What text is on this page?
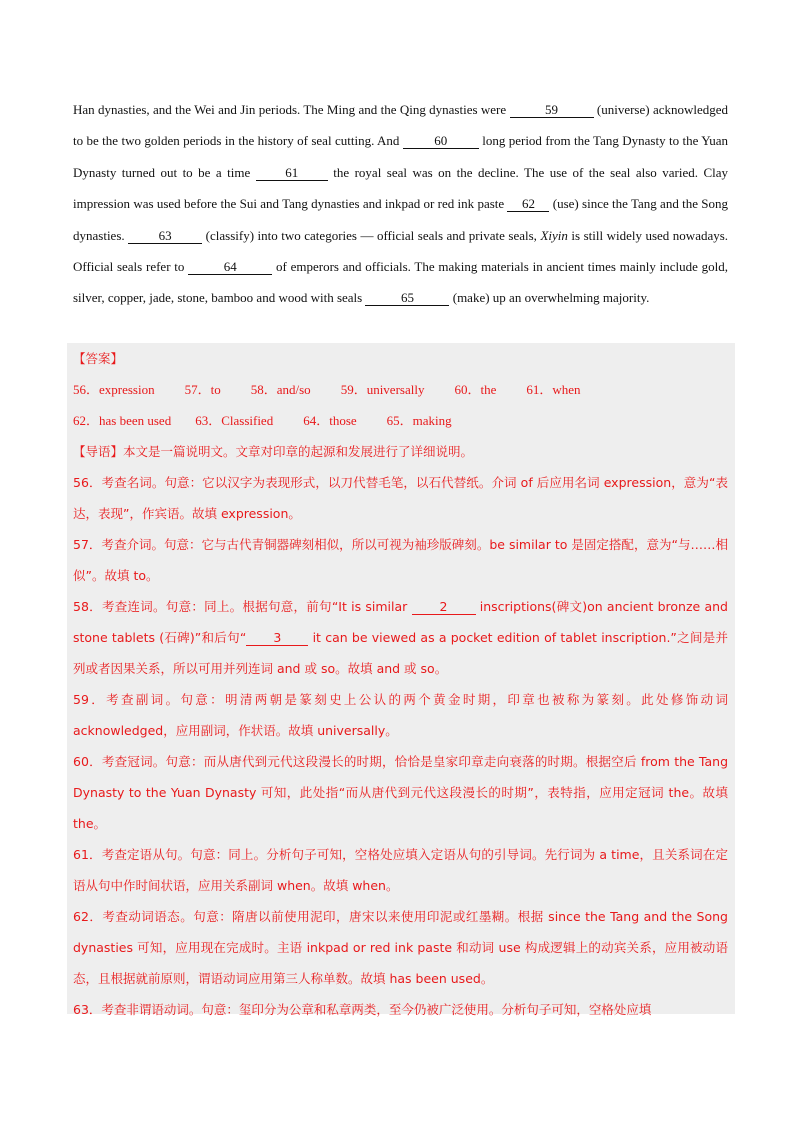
Han dynasties, and the Wei and Jin periods. The Ming and the Qing dynasties were	59	(universe) acknowledged to be the two golden periods in the history of seal cutting. And	60	long period from the Tang Dynasty to the Yuan Dynasty turned out to be a time	61	the royal seal was on the decline. The use of the seal also varied. Clay impression was used before the Sui and Tang dynasties and inkpad or red ink paste 62 (use) since the Tang and the Song dynasties.	63	(classify) into two categories — official seals and private seals, Xiyin is still widely used nowadays. Official seals refer to	64	of emperors and officials. The making materials in ancient times mainly include gold, silver, copper, jade, stone, bamboo and wood with seals	65	(make) up an overwhelming majority.

【答案】

56．expression 57．to 58．and/so 59．universally 60．the 61．when62．has been used 63．Classified 64．those 65．making

【导语】本文是一篇说明文。文章对印章的起源和发展进行了详细说明。

56．考查名词。句意：它以汉字为表现形式，以刀代替毛笔，以石代替纸。介词 of 后应用名词 expression，意为“表达，表现”，作宾语。故填 expression。

57．考查介词。句意：它与古代青铜器碑刻相似，所以可视为袖珍版碑刻。be similar to 是固定搭配，意为“与……相似”。故填 to。

58．考查连词。句意：同上。根据句意，前句“It is similar	2	inscriptions(碑文)on ancient bronze and stone tablets (石碑)”和后句“ 3	it can be viewed as a pocket edition of tablet inscription.”之间是并列或者因果关系，所以可用并列连词 and 或 so。故填 and 或 so。

59．考查副词。句意：明清两朝是篆刻史上公认的两个黄金时期，印章也被称为篆刻。此处修饰动词 acknowledged，应用副词，作状语。故填 universally。

60．考查冠词。句意：而从唐代到元代这段漫长的时期，恰恰是皇家印章走向衰落的时期。根据空后 from the Tang Dynasty to the Yuan Dynasty 可知，此处指“而从唐代到元代这段漫长的时期”，表特指，应用定冠词 the。故填 the。

61．考查定语从句。句意：同上。分析句子可知，空格处应填入定语从句的引导词。先行词为 a time，且关系词在定语从句中作时间状语，应用关系副词 when。故填 when。

62．考查动词语态。句意：隋唐以前使用泥印，唐宋以来使用印泥或红墨糊。根据 since the Tang and the Song dynasties 可知，应用现在完成时。主语 inkpad or red ink paste 和动词 use 构成逻辑上的动宾关系，应用被动语态，且根据就前原则，谓语动词应用第三人称单数。故填 has been used。

63．考查非谓语动词。句意：玺印分为公章和私章两类，至今仍被广泛使用。分析句子可知，空格处应填
